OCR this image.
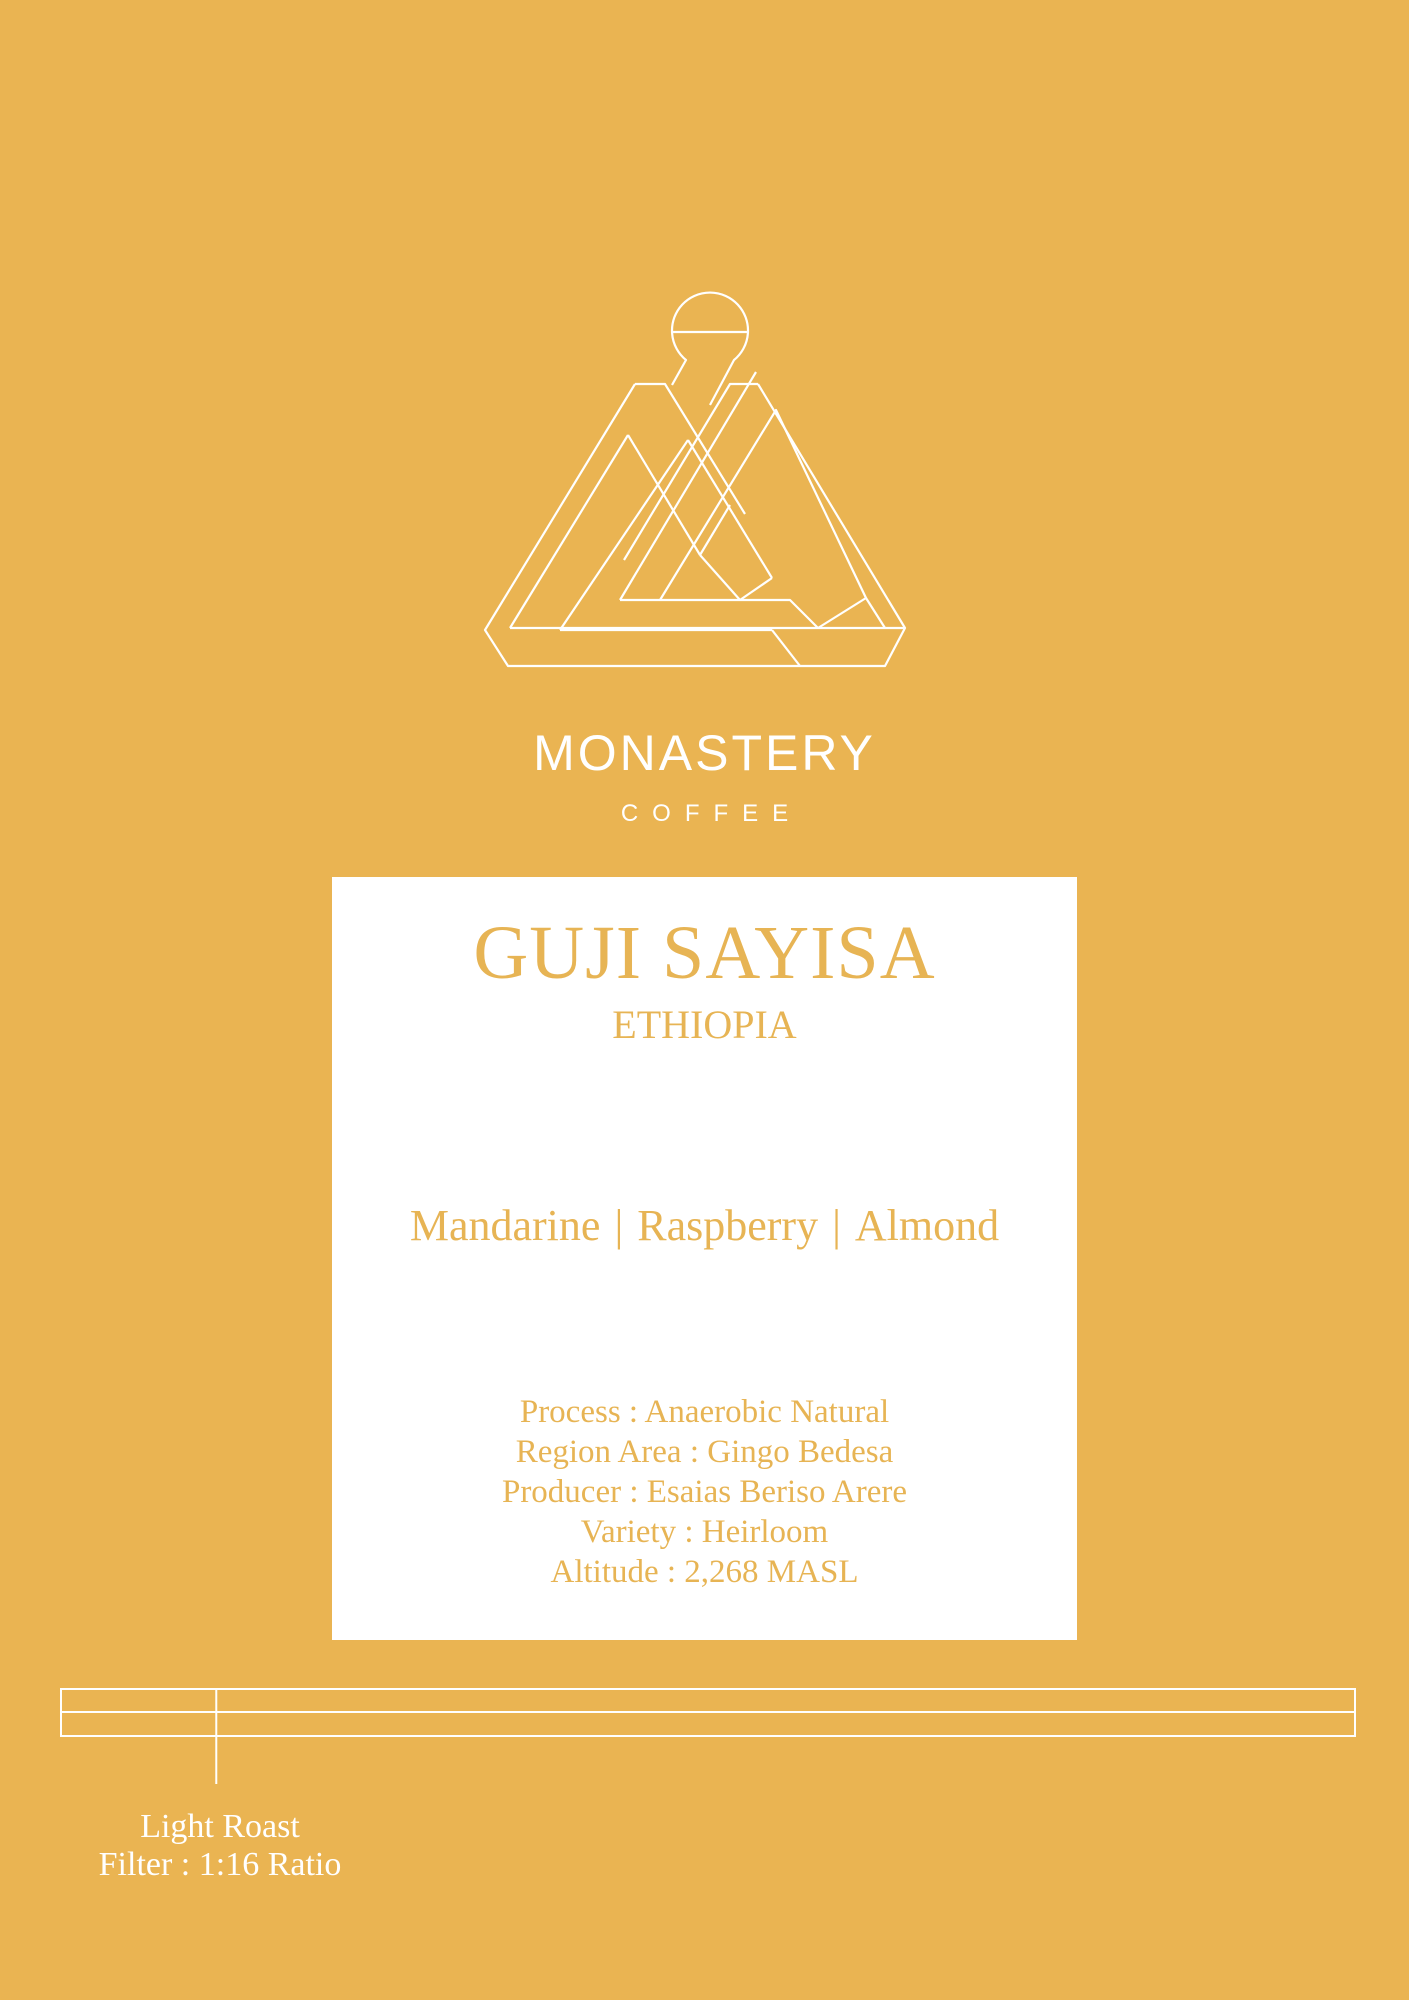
MONASTERY
COFFEE
GUJI SAYISA
ETHIOPIA
Mandarine | Raspberry | Almond
Process : Anaerobic Natural
Region Area : Gingo Bedesa
Producer : Esaias Beriso Arere
Variety : Heirloom
Altitude : 2,268 MASL
Light Roast
Filter : 1:16 Ratio
